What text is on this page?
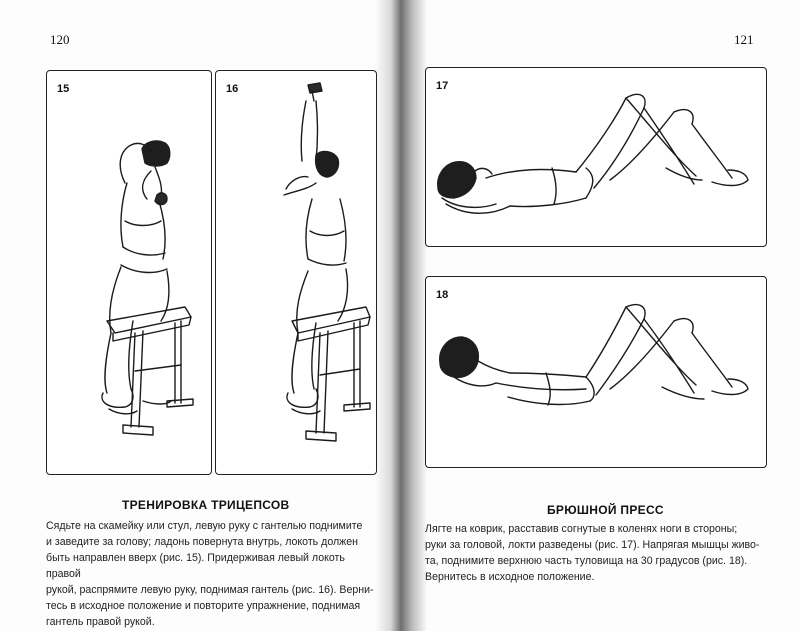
120
15	16
ТРЕНИРОВКА ТРИЦЕПСОВ
Сядьте на скамейку или стул, левую руку с гантелью поднимите
и заведите за голову; ладонь повернута внутрь, локоть должен
быть направлен вверх (рис. 15). Придерживая левый локоть правой
рукой, распрямите левую руку, поднимая гантель (рис. 16). Верни-
тесь в исходное положение и повторите упражнение, поднимая
гантель правой рукой.
121
17
18
БРЮШНОЙ ПРЕСС
Лягте на коврик, расставив согнутые в коленях ноги в стороны;
руки за головой, локти разведены (рис. 17). Напрягая мышцы живо-
та, поднимите верхнюю часть туловища на 30 градусов (рис. 18).
Вернитесь в исходное положение.
